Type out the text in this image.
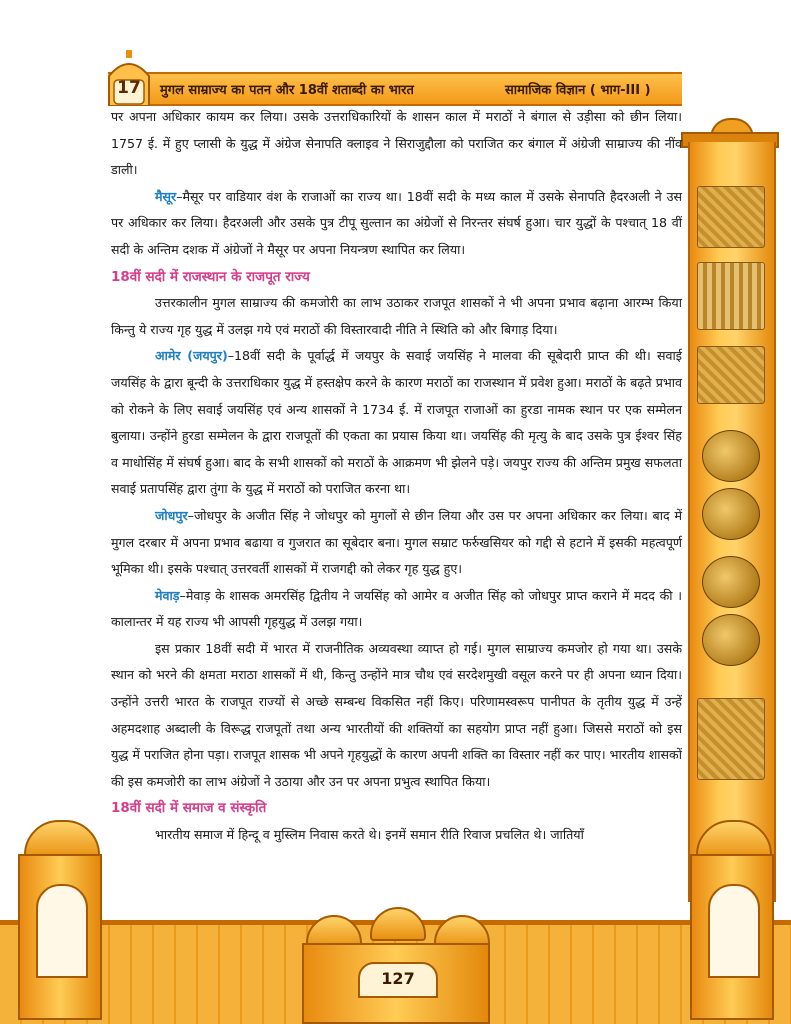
17	मुगल साम्राज्य का पतन और 18वीं शताब्दी का भारत	सामाजिक विज्ञान ( भाग-III )
127

पर अपना अधिकार कायम कर लिया। उसके उत्तराधिकारियों के शासन काल में मराठों ने बंगाल से उड़ीसा को छीन लिया। 1757 ई. में हुए प्लासी के युद्ध में अंग्रेज सेनापति क्लाइव ने सिराजुद्दौला को पराजित कर बंगाल में अंग्रेजी साम्राज्य की नींव डाली।

मैसूर–मैसूर पर वाडियार वंश के राजाओं का राज्य था। 18वीं सदी के मध्य काल में उसके सेनापति हैदरअली ने उस पर अधिकार कर लिया। हैदरअली और उसके पुत्र टीपू सुल्तान का अंग्रेजों से निरन्तर संघर्ष हुआ। चार युद्धों के पश्चात् 18 वीं सदी के अन्तिम दशक में अंग्रेजों ने मैसूर पर अपना नियन्त्रण स्थापित कर लिया।

18वीं सदी में राजस्थान के राजपूत राज्य

उत्तरकालीन मुगल साम्राज्य की कमजोरी का लाभ उठाकर राजपूत शासकों ने भी अपना प्रभाव बढ़ाना आरम्भ किया किन्तु ये राज्य गृह युद्ध में उलझ गये एवं मराठों की विस्तारवादी नीति ने स्थिति को और बिगाड़ दिया।

आमेर (जयपुर)–18वीं सदी के पूर्वार्द्ध में जयपुर के सवाई जयसिंह ने मालवा की सूबेदारी प्राप्त की थी। सवाई जयसिंह के द्वारा बून्दी के उत्तराधिकार युद्ध में हस्तक्षेप करने के कारण मराठों का राजस्थान में प्रवेश हुआ। मराठों के बढ़ते प्रभाव को रोकने के लिए सवाई जयसिंह एवं अन्य शासकों ने 1734 ई. में राजपूत राजाओं का हुरडा नामक स्थान पर एक सम्मेलन बुलाया। उन्होंने हुरडा सम्मेलन के द्वारा राजपूतों की एकता का प्रयास किया था। जयसिंह की मृत्यु के बाद उसके पुत्र ईश्वर सिंह व माधोसिंह में संघर्ष हुआ। बाद के सभी शासकों को मराठों के आक्रमण भी झेलने पड़े। जयपुर राज्य की अन्तिम प्रमुख सफलता सवाई प्रतापसिंह द्वारा तुंगा के युद्ध में मराठों को पराजित करना था।

जोधपुर–जोधपुर के अजीत सिंह ने जोधपुर को मुगलों से छीन लिया और उस पर अपना अधिकार कर लिया। बाद में मुगल दरबार में अपना प्रभाव बढाया व गुजरात का सूबेदार बना। मुगल सम्राट फर्रुखसियर को गद्दी से हटाने में इसकी महत्वपूर्ण भूमिका थी। इसके पश्चात् उत्तरवर्ती शासकों में राजगद्दी को लेकर गृह युद्ध हुए।

मेवाड़–मेवाड़ के शासक अमरसिंह द्वितीय ने जयसिंह को आमेर व अजीत सिंह को जोधपुर प्राप्त कराने में मदद की । कालान्तर में यह राज्य भी आपसी गृहयुद्ध में उलझ गया।

इस प्रकार 18वीं सदी में भारत में राजनीतिक अव्यवस्था व्याप्त हो गई। मुगल साम्राज्य कमजोर हो गया था। उसके स्थान को भरने की क्षमता मराठा शासकों में थी, किन्तु उन्होंने मात्र चौथ एवं सरदेशमुखी वसूल करने पर ही अपना ध्यान दिया। उन्होंने उत्तरी भारत के राजपूत राज्यों से अच्छे सम्बन्ध विकसित नहीं किए। परिणामस्वरूप पानीपत के तृतीय युद्ध में उन्हें अहमदशाह अब्दाली के विरूद्ध राजपूतों तथा अन्य भारतीयों की शक्तियों का सहयोग प्राप्त नहीं हुआ। जिससे मराठों को इस युद्ध में पराजित होना पड़ा। राजपूत शासक भी अपने गृहयुद्धों के कारण अपनी शक्ति का विस्तार नहीं कर पाए। भारतीय शासकों की इस कमजोरी का लाभ अंग्रेजों ने उठाया और उन पर अपना प्रभुत्व स्थापित किया।

18वीं सदी में समाज व संस्कृति

भारतीय समाज में हिन्दू व मुस्लिम निवास करते थे। इनमें समान रीति रिवाज प्रचलित थे। जातियाँ
